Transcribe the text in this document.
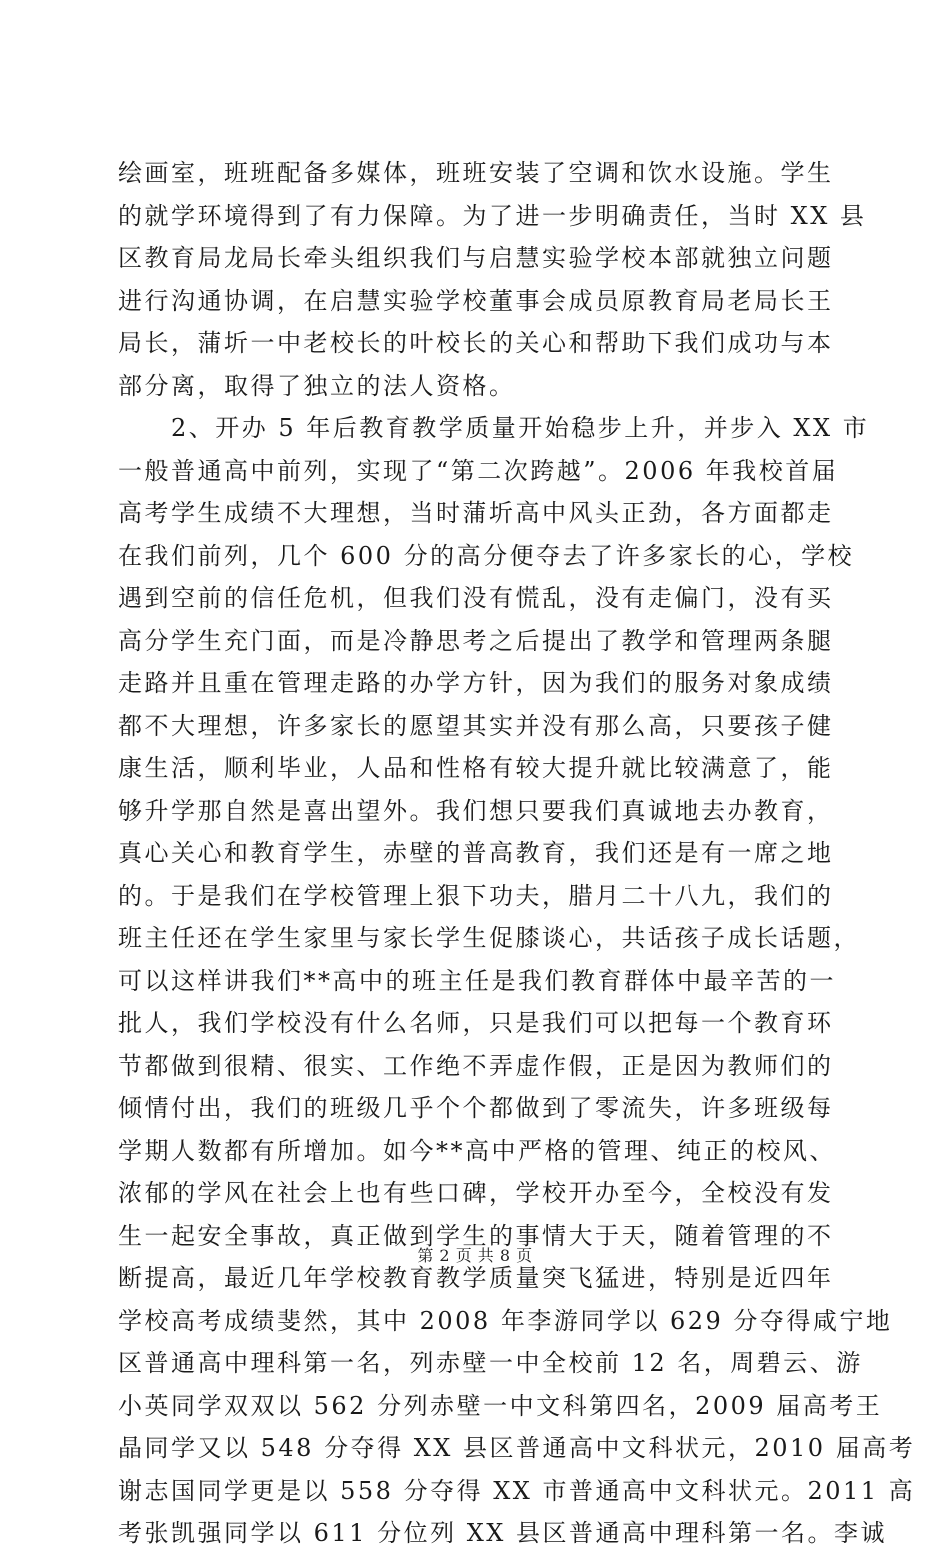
绘画室，班班配备多媒体，班班安装了空调和饮水设施。学生
的就学环境得到了有力保障。为了进一步明确责任，当时 XX 县
区教育局龙局长牵头组织我们与启慧实验学校本部就独立问题
进行沟通协调，在启慧实验学校董事会成员原教育局老局长王
局长，蒲圻一中老校长的叶校长的关心和帮助下我们成功与本
部分离，取得了独立的法人资格。
　　2、开办 5 年后教育教学质量开始稳步上升，并步入 XX 市
一般普通高中前列，实现了“第二次跨越”。2006 年我校首届
高考学生成绩不大理想，当时蒲圻高中风头正劲，各方面都走
在我们前列，几个 600 分的高分便夺去了许多家长的心，学校
遇到空前的信任危机，但我们没有慌乱，没有走偏门，没有买
高分学生充门面，而是冷静思考之后提出了教学和管理两条腿
走路并且重在管理走路的办学方针，因为我们的服务对象成绩
都不大理想，许多家长的愿望其实并没有那么高，只要孩子健
康生活，顺利毕业，人品和性格有较大提升就比较满意了，能
够升学那自然是喜出望外。我们想只要我们真诚地去办教育，
真心关心和教育学生，赤壁的普高教育，我们还是有一席之地
的。于是我们在学校管理上狠下功夫，腊月二十八九，我们的
班主任还在学生家里与家长学生促膝谈心，共话孩子成长话题，
可以这样讲我们**高中的班主任是我们教育群体中最辛苦的一
批人，我们学校没有什么名师，只是我们可以把每一个教育环
节都做到很精、很实、工作绝不弄虚作假，正是因为教师们的
倾情付出，我们的班级几乎个个都做到了零流失，许多班级每
学期人数都有所增加。如今**高中严格的管理、纯正的校风、
浓郁的学风在社会上也有些口碑，学校开办至今，全校没有发
生一起安全事故，真正做到学生的事情大于天，随着管理的不
断提高，最近几年学校教育教学质量突飞猛进，特别是近四年
学校高考成绩斐然，其中 2008 年李游同学以 629 分夺得咸宁地
区普通高中理科第一名，列赤壁一中全校前 12 名，周碧云、游
小英同学双双以 562 分列赤壁一中文科第四名，2009 届高考王
晶同学又以 548 分夺得 XX 县区普通高中文科状元，2010 届高考
谢志国同学更是以 558 分夺得 XX 市普通高中文科状元。2011 高
考张凯强同学以 611 分位列 XX 县区普通高中理科第一名。李诚
第 2 页 共 8 页
